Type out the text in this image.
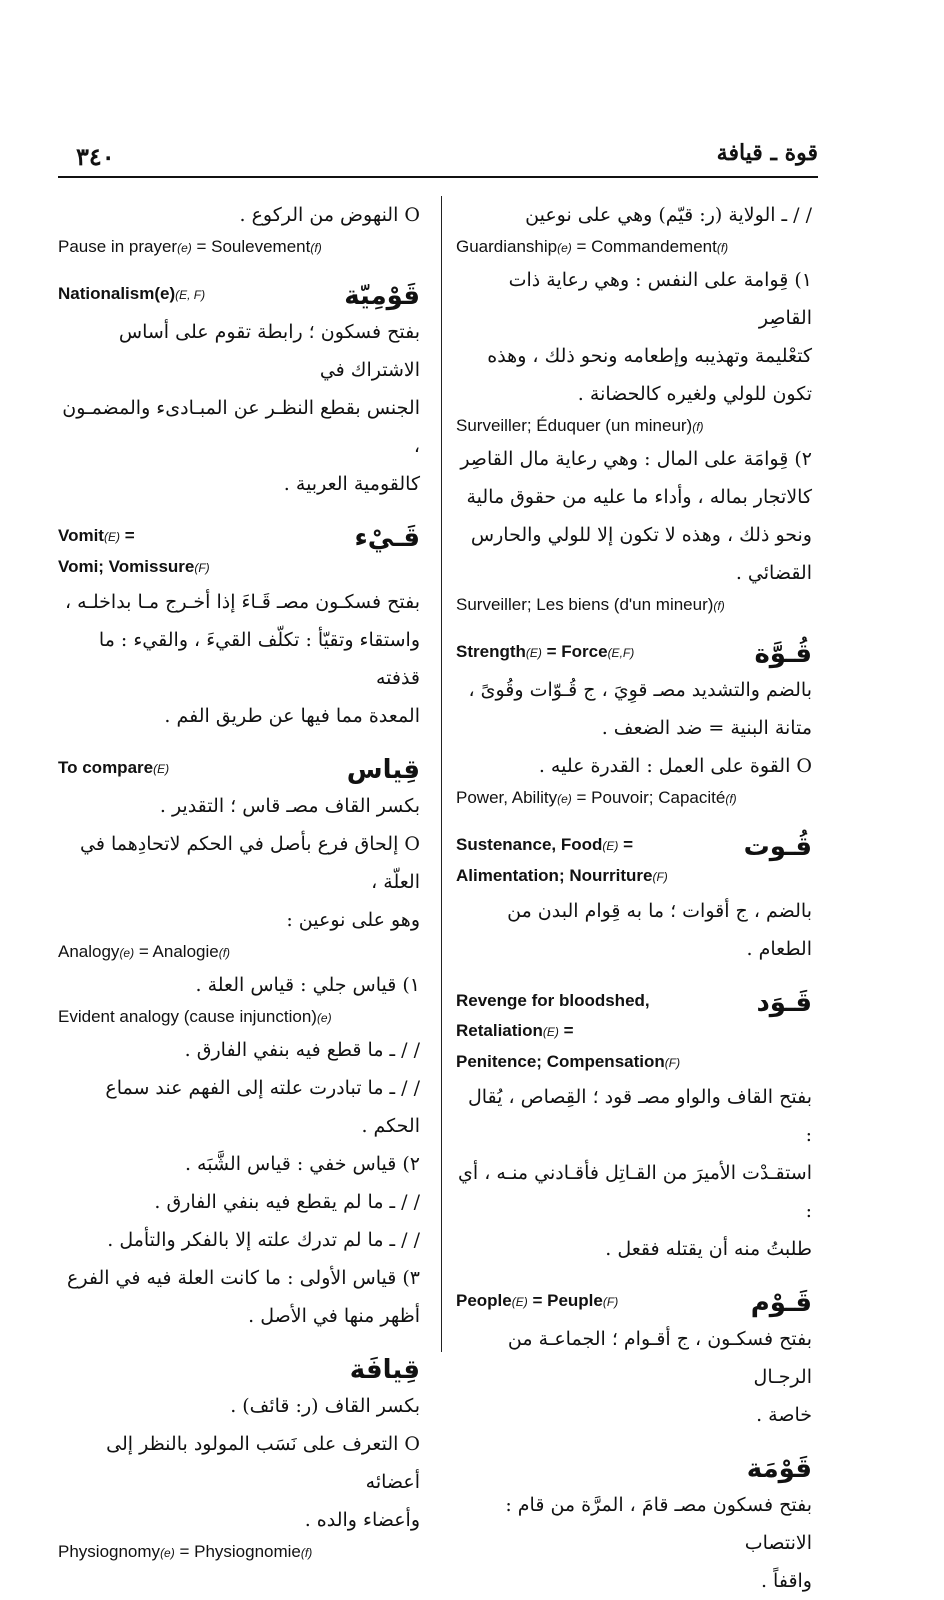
٣٤٠	قوة ـ قيافة

/ / ـ الولاية (ر: قيّم) وهي على نوعين

Guardianship(e) = Commandement(f)

١) قِوامة على النفس : وهي رعاية ذات القاصِر

كتعْليمة وتهذيبه وإطعامه ونحو ذلك ، وهذه

تكون للولي ولغيره كالحضانة .

Surveiller; Éduquer (un mineur)(f)

٢) قِوامَة على المال : وهي رعاية مال القاصِر

كالاتجار بماله ، وأداء ما عليه من حقوق مالية

ونحو ذلك ، وهذه لا تكون إلا للولي والحارس

القضائي .

Surveiller; Les biens (d'un mineur)(f)
Strength(E) = Force(E,F)	قُـوَّة

بالضم والتشديد مصـ قوِيَ ، ج قُـوّات وقُوىً ،

متانة البنية = ضد الضعف .

O القوة على العمل : القدرة عليه .

Power, Ability(e) = Pouvoir; Capacité(f)
Sustenance, Food(E) =
Alimentation; Nourriture(F)
قُـوت

بالضم ، ج أقوات ؛ ما به قِوام البدن من الطعام .

Revenge for bloodshed,
Retaliation(E) =
Penitence; Compensation(F)
قَـوَد

بفتح القاف والواو مصـ قود ؛ القِصاص ، يُقال :

استقـدْت الأميرَ من القـاتِل فأقـادني منـه ، أي :

طلبتُ منه أن يقتله فقعل .

People(E) = Peuple(F)	قَـوْم

بفتح فسكـون ، ج أقـوام ؛ الجماعـة من الرجـال

خاصة .

قَوْمَة

بفتح فسكون مصـ قامَ ، المرَّة من قام : الانتصاب

واقفاً .

O النهوض من الركوع .

Pause in prayer(e) = Soulevement(f)
Nationalism(e)(E, F)	قَوْمِيّة

بفتح فسكون ؛ رابطة تقوم على أساس الاشتراك في

الجنس بقطع النظـر عن المبـادىء والمضمـون ،

كالقومية العربية .

Vomit(E) =
Vomi; Vomissure(F)
قَـيْء

بفتح فسكـون مصـ قَـاءَ إذا أخـرج مـا بداخلـه ،

واستقاء وتقيّأ : تكلّف القيءَ ، والقيء : ما قذفته

المعدة مما فيها عن طريق الفم .

To compare(E)	قِياس

بكسر القاف مصـ قاس ؛ التقدير .

O إلحاق فرع بأصل في الحكم لاتحادِهما في العلّة ،

وهو على نوعين :

Analogy(e) = Analogie(f)

١) قياس جلي : قياس العلة .

Evident analogy (cause injunction)(e)

/ / ـ ما قطع فيه بنفي الفارق .

/ / ـ ما تبادرت علته إلى الفهم عند سماع الحكم .

٢) قياس خفي : قياس الشَّبَه .

/ / ـ ما لم يقطع فيه بنفي الفارق .

/ / ـ ما لم تدرك علته إلا بالفكر والتأمل .

٣) قياس الأولى : ما كانت العلة فيه في الفرع

أظهر منها في الأصل .

قِيافَة

بكسر القاف (ر: قائف) .

O التعرف على نَسَب المولود بالنظر إلى أعضائه

وأعضاء والده .

Physiognomy(e) = Physiognomie(f)
